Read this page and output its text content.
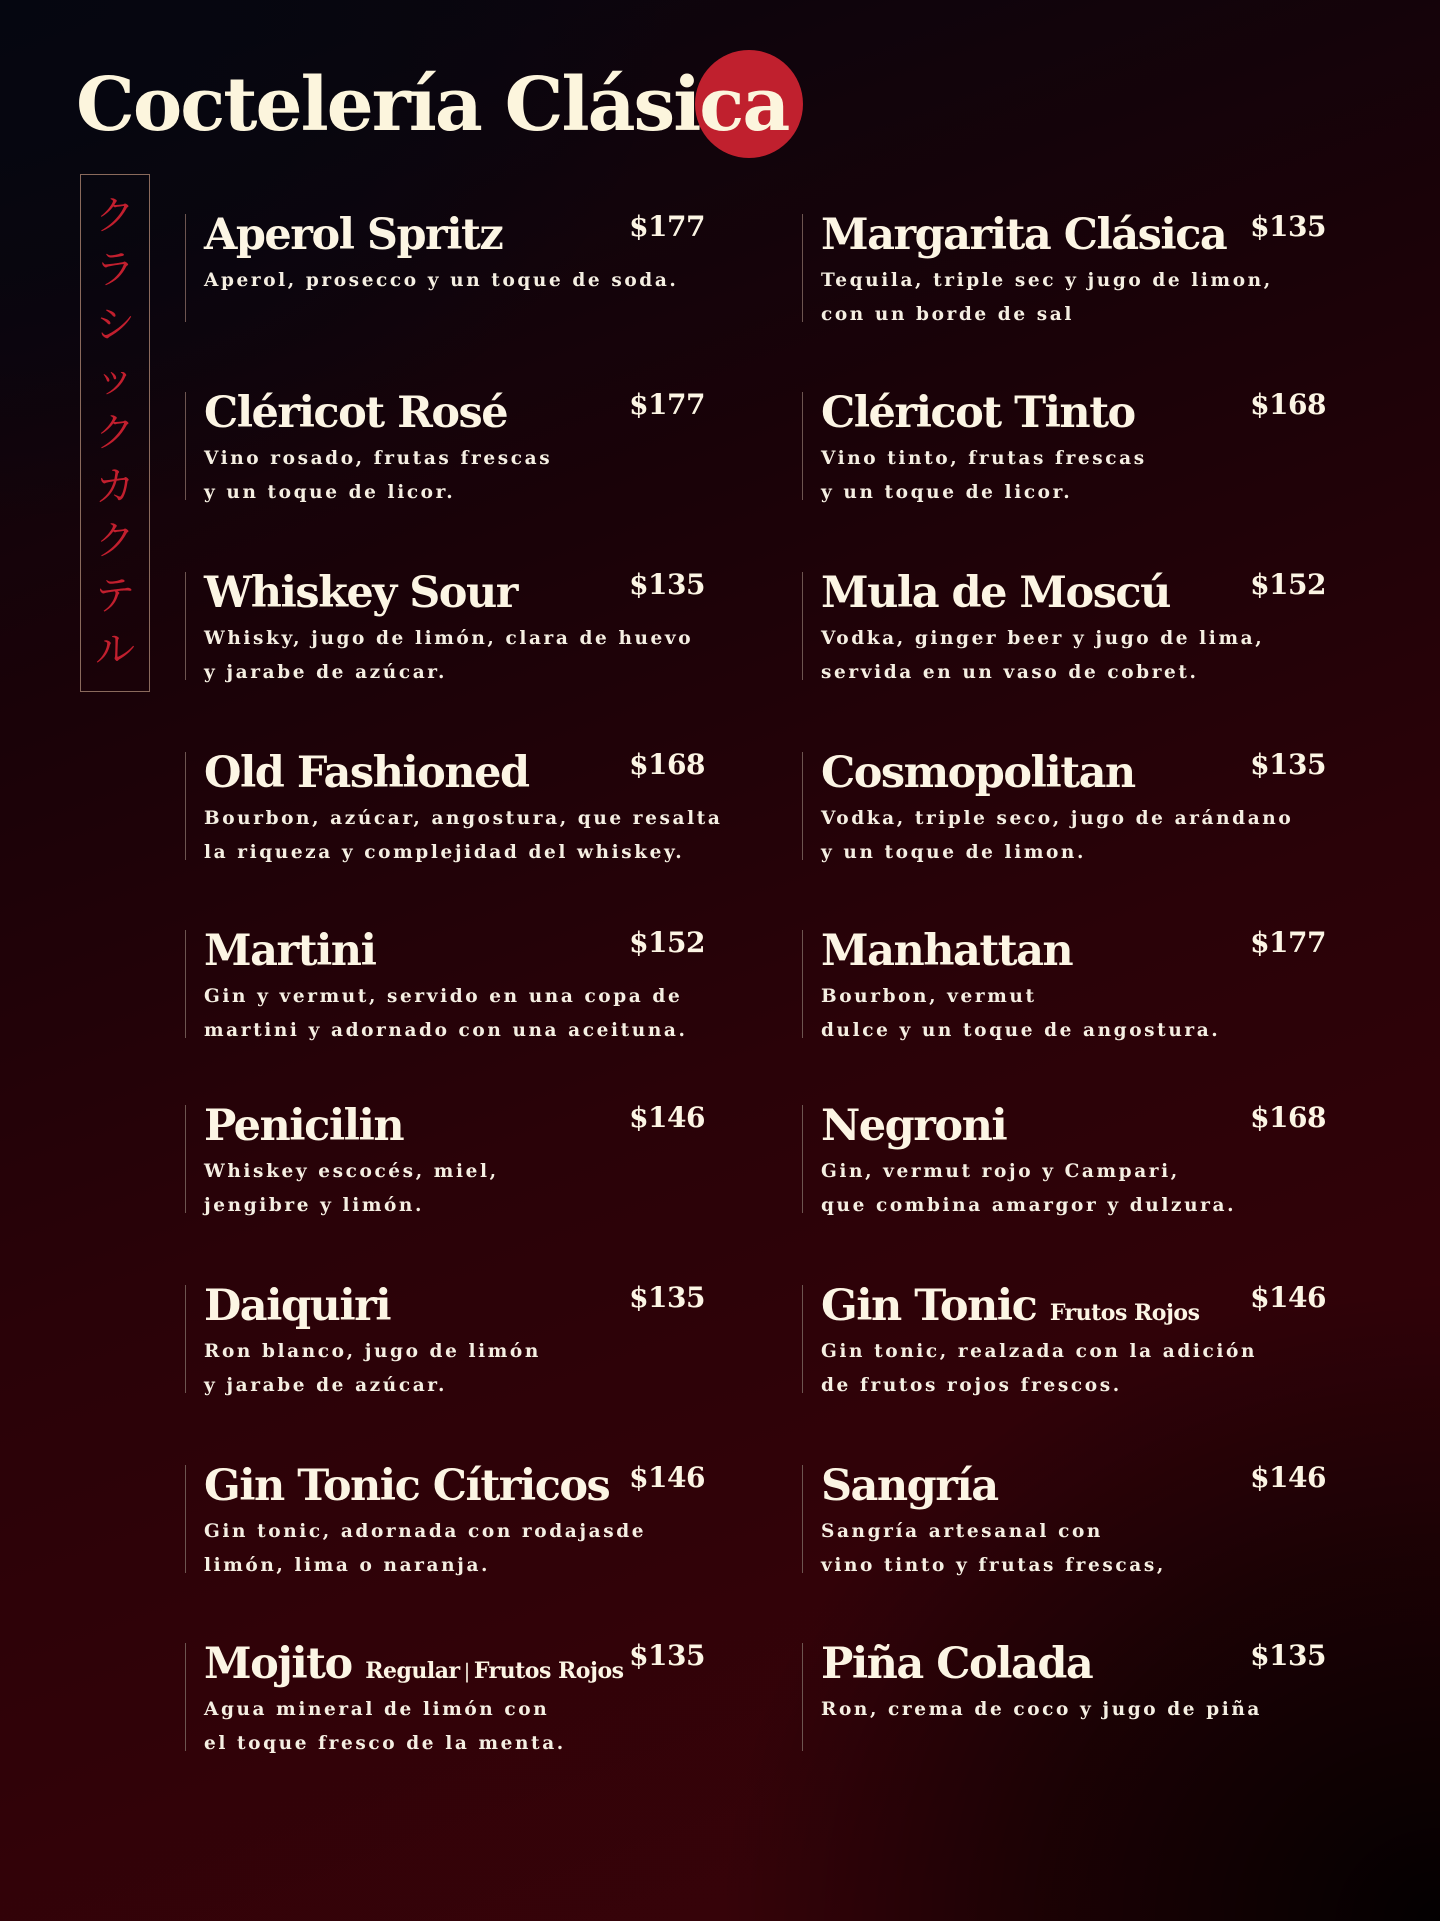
Coctelería Clásica
ク
ラ
シ
ッ
ク
カ
ク
テ
ル
Aperol Spritz	$177
Aperol, prosecco y un toque de soda.
Cléricot Rosé	$177
Vino rosado, frutas frescas
y un toque de licor.
Whiskey Sour	$135
Whisky, jugo de limón, clara de huevo
y jarabe de azúcar.
Old Fashioned	$168
Bourbon, azúcar, angostura, que resalta
la riqueza y complejidad del whiskey.
Martini	$152
Gin y vermut, servido en una copa de
martini y adornado con una aceituna.
Penicilin	$146
Whiskey escocés, miel,
jengibre y limón.
Daiquiri	$135
Ron blanco, jugo de limón
y jarabe de azúcar.
Gin Tonic Cítricos $146
Gin tonic, adornada con rodajasde
limón, lima o naranja.
Mojito Regular | Frutos Rojos $135
Agua mineral de limón con
el toque fresco de la menta.
Margarita Clásica $135
Tequila, triple sec y jugo de limon,
con un borde de sal
Cléricot Tinto	$168
Vino tinto, frutas frescas
y un toque de licor.
Mula de Moscú	$152
Vodka, ginger beer y jugo de lima,
servida en un vaso de cobret.
Cosmopolitan	$135
Vodka, triple seco, jugo de arándano
y un toque de limon.
Manhattan	$177
Bourbon, vermut
dulce y un toque de angostura.
Negroni	$168
Gin, vermut rojo y Campari,
que combina amargor y dulzura.
Gin Tonic Frutos Rojos $146
Gin tonic, realzada con la adición
de frutos rojos frescos.
Sangría	$146
Sangría artesanal con
vino tinto y frutas frescas,
Piña Colada	$135
Ron, crema de coco y jugo de piña
